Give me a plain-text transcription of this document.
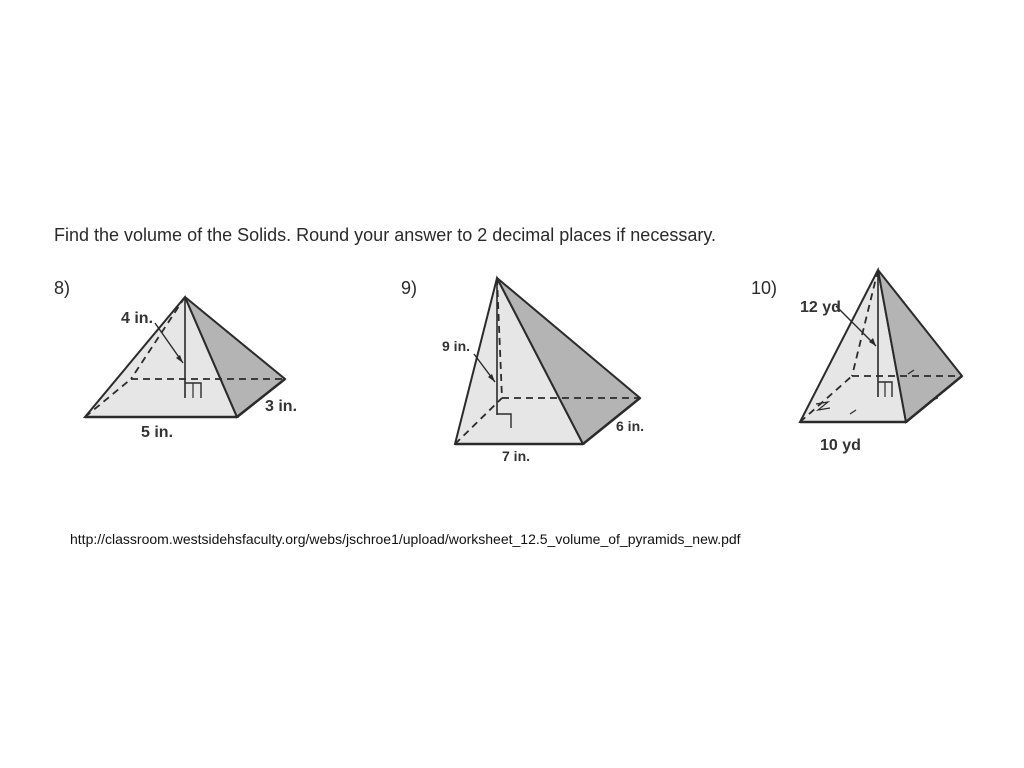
Find the volume of the Solids. Round your answer to 2 decimal places if necessary.
8)
4 in.
5 in.
3 in.
9)
9 in.
7 in.
6 in.
10)
12 yd
10 yd
http://classroom.westsidehsfaculty.org/webs/jschroe1/upload/worksheet_12.5_volume_of_pyramids_new.pdf
